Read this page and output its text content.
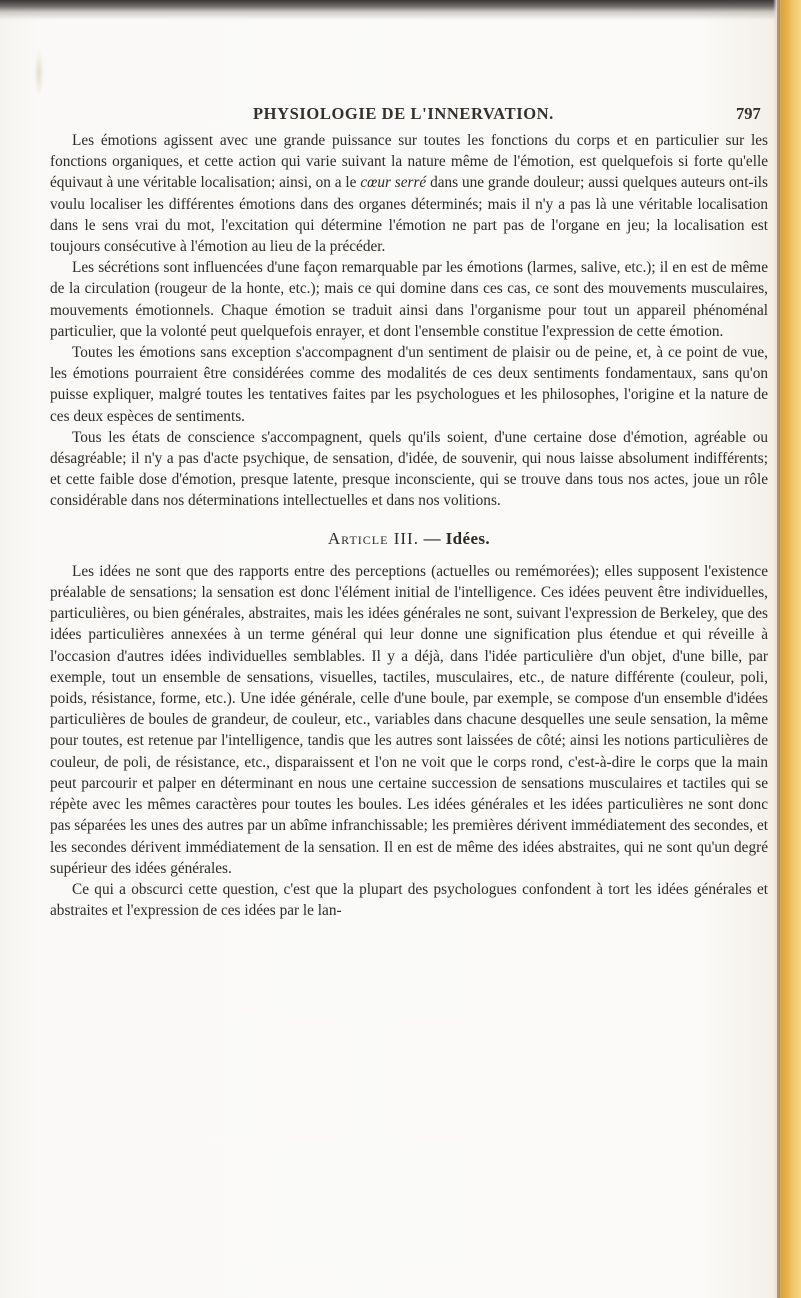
PHYSIOLOGIE DE L'INNERVATION.	797

Les émotions agissent avec une grande puissance sur toutes les fonctions du corps et en particulier sur les fonctions organiques, et cette action qui varie suivant la nature même de l'émotion, est quelquefois si forte qu'elle équivaut à une véritable localisation; ainsi, on a le cœur serré dans une grande douleur; aussi quelques auteurs ont-ils voulu localiser les différentes émotions dans des organes déterminés; mais il n'y a pas là une véritable localisation dans le sens vrai du mot, l'excitation qui détermine l'émotion ne part pas de l'organe en jeu; la localisation est toujours consécutive à l'émotion au lieu de la précéder.

Les sécrétions sont influencées d'une façon remarquable par les émotions (larmes, salive, etc.); il en est de même de la circulation (rougeur de la honte, etc.); mais ce qui domine dans ces cas, ce sont des mouvements musculaires, mouvements émotionnels. Chaque émotion se traduit ainsi dans l'organisme pour tout un appareil phénoménal particulier, que la volonté peut quelquefois enrayer, et dont l'ensemble constitue l'expression de cette émotion.

Toutes les émotions sans exception s'accompagnent d'un sentiment de plaisir ou de peine, et, à ce point de vue, les émotions pourraient être considérées comme des modalités de ces deux sentiments fondamentaux, sans qu'on puisse expliquer, malgré toutes les tentatives faites par les psychologues et les philosophes, l'origine et la nature de ces deux espèces de sentiments.

Tous les états de conscience s'accompagnent, quels qu'ils soient, d'une certaine dose d'émotion, agréable ou désagréable; il n'y a pas d'acte psychique, de sensation, d'idée, de souvenir, qui nous laisse absolument indifférents; et cette faible dose d'émotion, presque latente, presque inconsciente, qui se trouve dans tous nos actes, joue un rôle considérable dans nos déterminations intellectuelles et dans nos volitions.

Article III. — Idées.

Les idées ne sont que des rapports entre des perceptions (actuelles ou remémorées); elles supposent l'existence préalable de sensations; la sensation est donc l'élément initial de l'intelligence. Ces idées peuvent être individuelles, particulières, ou bien générales, abstraites, mais les idées générales ne sont, suivant l'expression de Berkeley, que des idées particulières annexées à un terme général qui leur donne une signification plus étendue et qui réveille à l'occasion d'autres idées individuelles semblables. Il y a déjà, dans l'idée particulière d'un objet, d'une bille, par exemple, tout un ensemble de sensations, visuelles, tactiles, musculaires, etc., de nature différente (couleur, poli, poids, résistance, forme, etc.). Une idée générale, celle d'une boule, par exemple, se compose d'un ensemble d'idées particulières de boules de grandeur, de couleur, etc., variables dans chacune desquelles une seule sensation, la même pour toutes, est retenue par l'intelligence, tandis que les autres sont laissées de côté; ainsi les notions particulières de couleur, de poli, de résistance, etc., disparaissent et l'on ne voit que le corps rond, c'est-à-dire le corps que la main peut parcourir et palper en déterminant en nous une certaine succession de sensations musculaires et tactiles qui se répète avec les mêmes caractères pour toutes les boules. Les idées générales et les idées particulières ne sont donc pas séparées les unes des autres par un abîme infranchissable; les premières dérivent immédiatement des secondes, et les secondes dérivent immédiatement de la sensation. Il en est de même des idées abstraites, qui ne sont qu'un degré supérieur des idées générales.

Ce qui a obscurci cette question, c'est que la plupart des psychologues confondent à tort les idées générales et abstraites et l'expression de ces idées par le lan-
